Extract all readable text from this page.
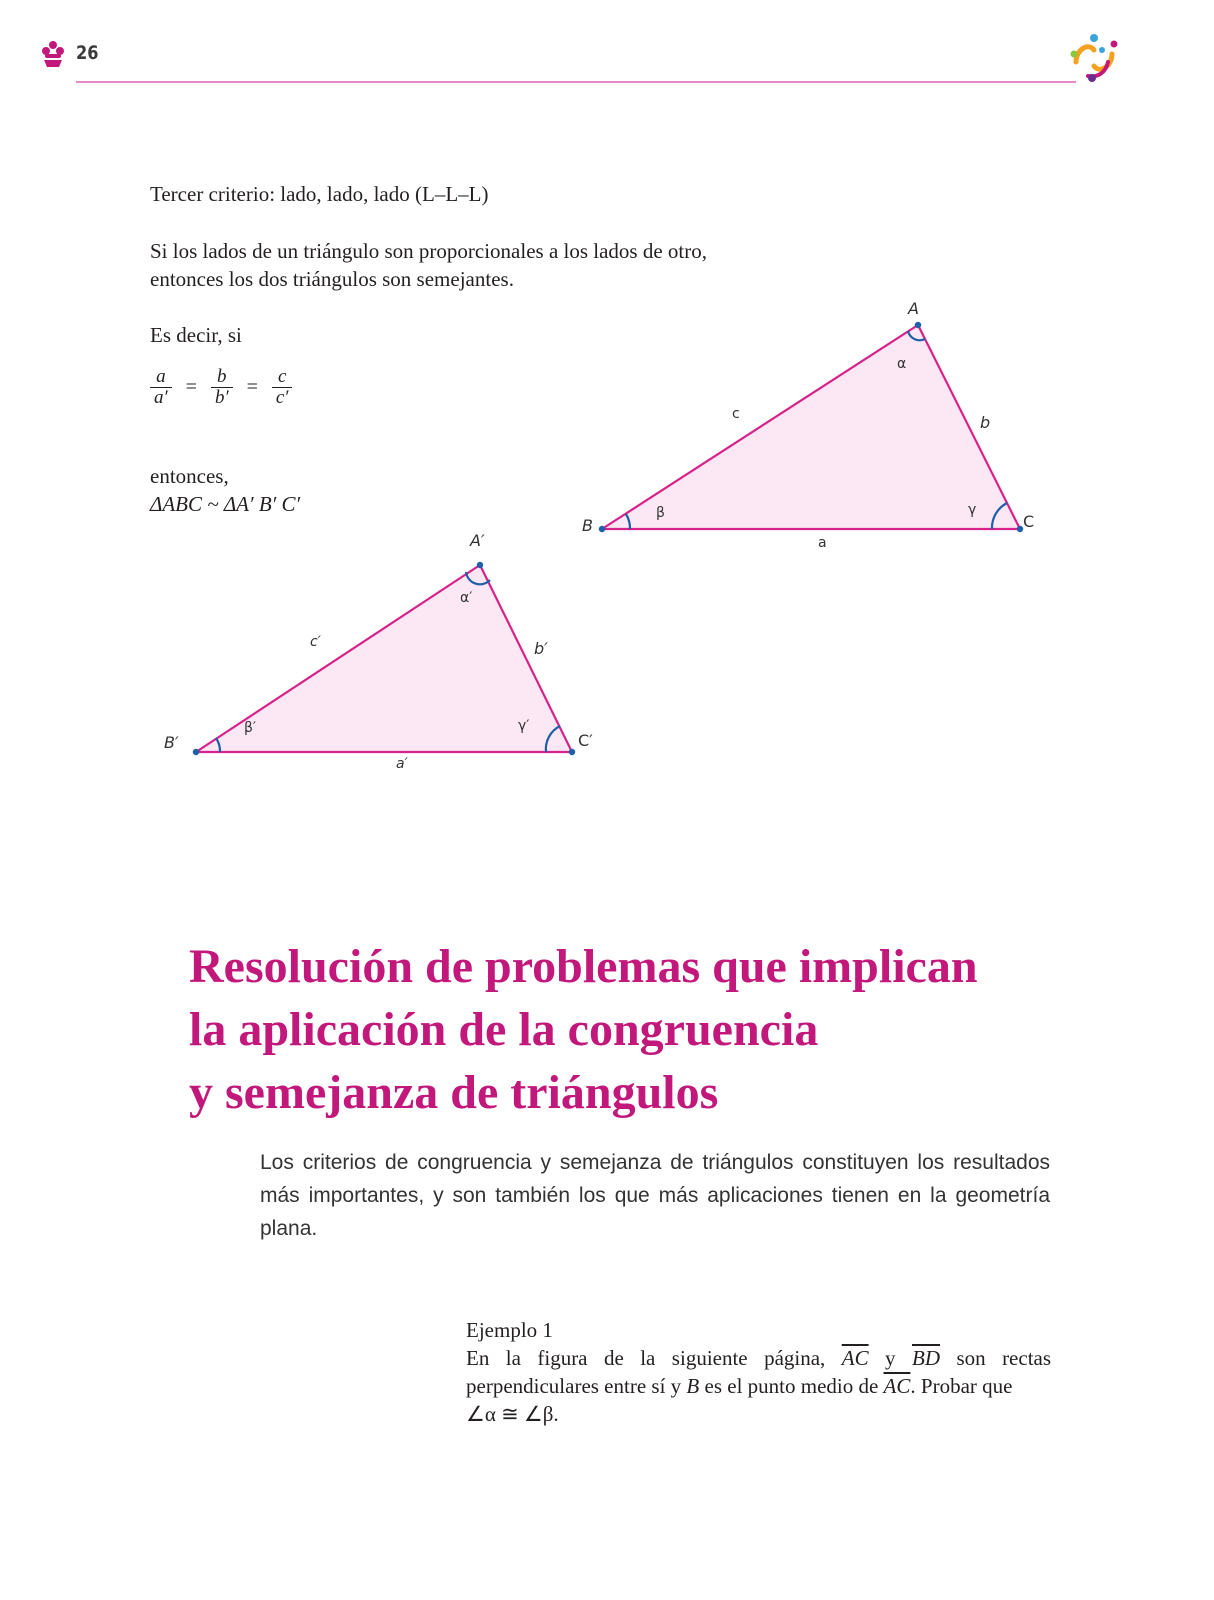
26
Tercer criterio: lado, lado, lado (L–L–L)
Si los lados de un triángulo son proporcionales a los lados de otro,
entonces los dos triángulos son semejantes.
Es decir, si
$\frac{a}{a'} = \frac{b}{b'} = \frac{c}{c'}$
entonces,
ΔABC ~ ΔA′ B′ C′
A
B	C
a
b
c
α
β	γ
A′
B′	C′
a′
b′
c′
α′
β′	γ′
Resolución de problemas que implican
la aplicación de la congruencia
y semejanza de triángulos
Los criterios de congruencia y semejanza de triángulos constituyen los resultados más importantes, y son también los que más aplicaciones tienen en la geometría plana.
Ejemplo 1
En la figura de la siguiente página, $\overline{AC}$ y $\overline{BD}$ son rectas perpendiculares entre sí y B es el punto medio de $\overline{AC}$. Probar que
∠α ≅ ∠β.
